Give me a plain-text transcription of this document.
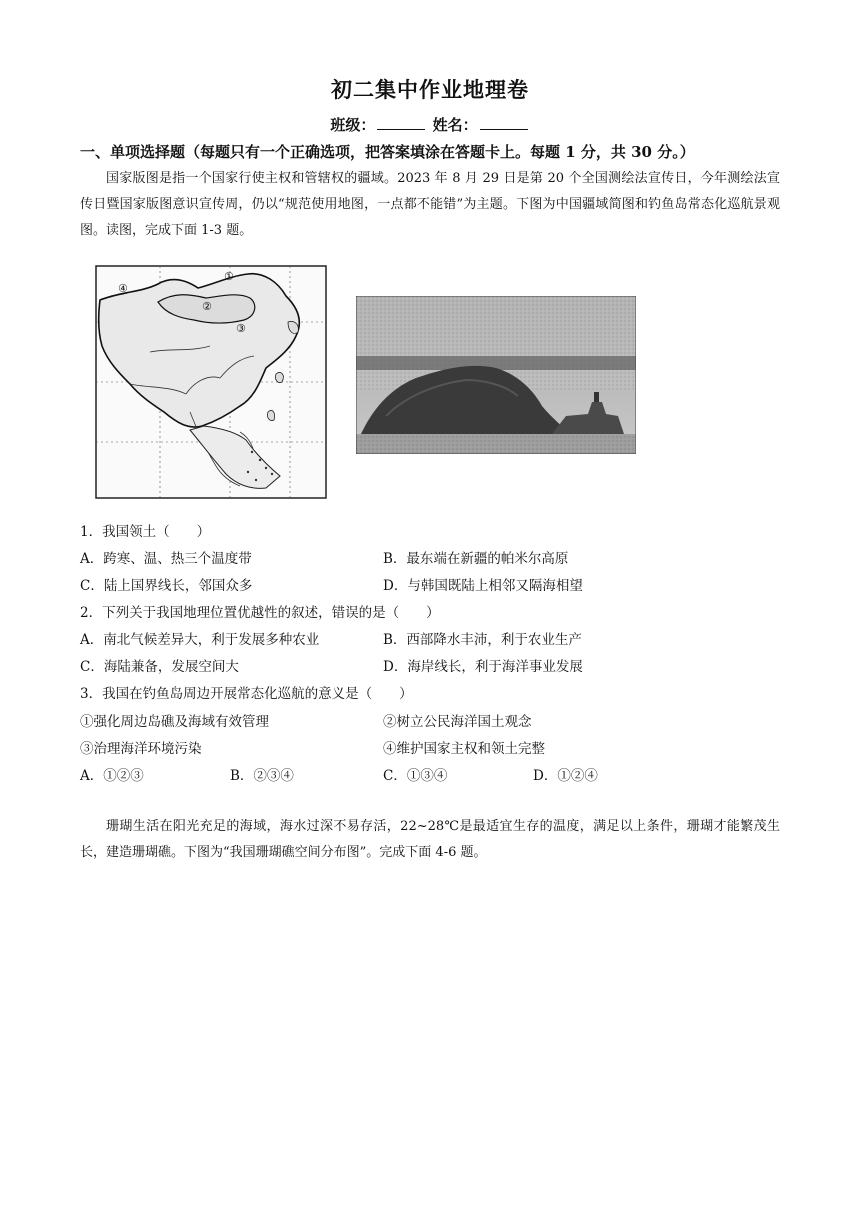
初二集中作业地理卷
班级：	姓名：
一、单项选择题（每题只有一个正确选项，把答案填涂在答题卡上。每题 1 分，共 30 分。）
国家版图是指一个国家行使主权和管辖权的疆域。2023 年 8 月 29 日是第 20 个全国测绘法宣传日，今年测绘法宣传日暨国家版图意识宣传周，仍以“规范使用地图，一点都不能错”为主题。下图为中国疆域简图和钓鱼岛常态化巡航景观图。读图，完成下面 1-3 题。
①
②
③
④
1．我国领土（　　）
A．跨寒、温、热三个温度带	B．最东端在新疆的帕米尔高原
C．陆上国界线长，邻国众多	D．与韩国既陆上相邻又隔海相望
2．下列关于我国地理位置优越性的叙述，错误的是（　　）
A．南北气候差异大，利于发展多种农业	B．西部降水丰沛，利于农业生产
C．海陆兼备，发展空间大	D．海岸线长，利于海洋事业发展
3．我国在钓鱼岛周边开展常态化巡航的意义是（　　）
①强化周边岛礁及海域有效管理	②树立公民海洋国土观念
③治理海洋环境污染	④维护国家主权和领土完整
A．①②③	B．②③④	C．①③④	D．①②④
珊瑚生活在阳光充足的海域，海水过深不易存活，22~28℃是最适宜生存的温度，满足以上条件，珊瑚才能繁茂生长，建造珊瑚礁。下图为“我国珊瑚礁空间分布图”。完成下面 4-6 题。
